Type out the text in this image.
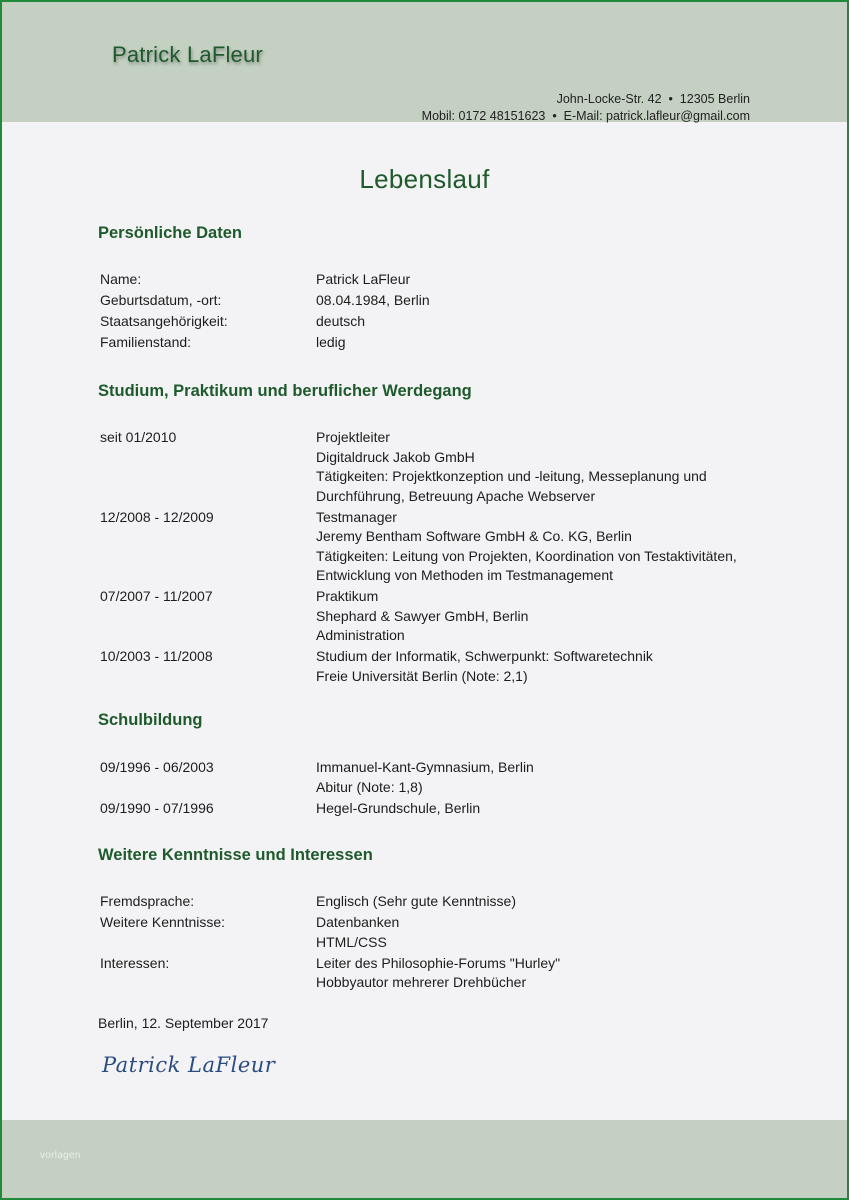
Patrick LaFleur
John-Locke-Str. 42  •  12305 Berlin
Mobil: 0172 48151623  •  E-Mail: patrick.lafleur@gmail.com
Lebenslauf
Persönliche Daten
Name:	Patrick LaFleur
Geburtsdatum, -ort:	08.04.1984, Berlin
Staatsangehörigkeit:	deutsch
Familienstand:	ledig
Studium, Praktikum und beruflicher Werdegang
seit 01/2010	Projektleiter
Digitaldruck Jakob GmbH
Tätigkeiten: Projektkonzeption und -leitung, Messeplanung und
Durchführung, Betreuung Apache Webserver
12/2008 - 12/2009	Testmanager
Jeremy Bentham Software GmbH & Co. KG, Berlin
Tätigkeiten: Leitung von Projekten, Koordination von Testaktivitäten,
Entwicklung von Methoden im Testmanagement
07/2007 - 11/2007	Praktikum
Shephard & Sawyer GmbH, Berlin
Administration
10/2003 - 11/2008	Studium der Informatik, Schwerpunkt: Softwaretechnik
Freie Universität Berlin (Note: 2,1)
Schulbildung
09/1996 - 06/2003	Immanuel-Kant-Gymnasium, Berlin
Abitur (Note: 1,8)
09/1990 - 07/1996	Hegel-Grundschule, Berlin
Weitere Kenntnisse und Interessen
Fremdsprache:	Englisch (Sehr gute Kenntnisse)
Weitere Kenntnisse:	Datenbanken
HTML/CSS
Interessen:	Leiter des Philosophie-Forums "Hurley"
Hobbyautor mehrerer Drehbücher
Berlin, 12. September 2017
Patrick LaFleur
vorlagen
